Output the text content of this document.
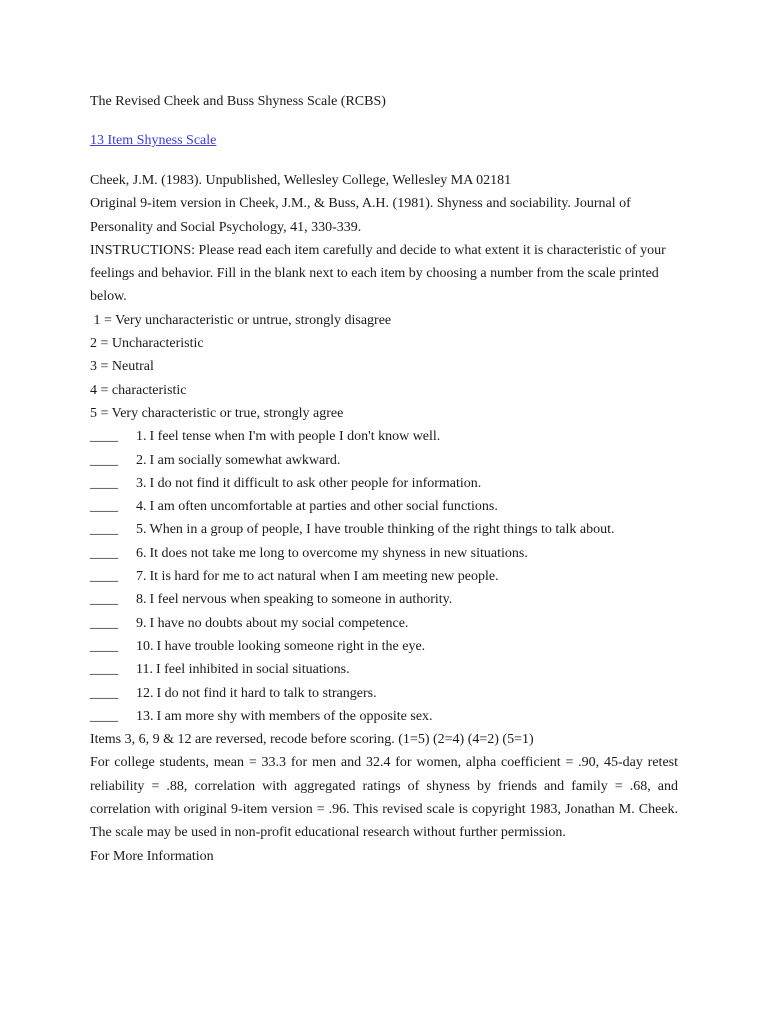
The Revised Cheek and Buss Shyness Scale (RCBS)

13 Item Shyness Scale

Cheek, J.M. (1983). Unpublished, Wellesley College, Wellesley MA 02181

Original 9-item version in Cheek, J.M., & Buss, A.H. (1981). Shyness and sociability. Journal of Personality and Social Psychology, 41, 330-339.

INSTRUCTIONS: Please read each item carefully and decide to what extent it is characteristic of your feelings and behavior. Fill in the blank next to each item by choosing a number from the scale printed below.

1 = Very uncharacteristic or untrue, strongly disagree

2 = Uncharacteristic

3 = Neutral

4 = characteristic

5 = Very characteristic or true, strongly agree

____	1. I feel tense when I'm with people I don't know well.
____	2. I am socially somewhat awkward.
____	3. I do not find it difficult to ask other people for information.
____	4. I am often uncomfortable at parties and other social functions.
____	5. When in a group of people, I have trouble thinking of the right things to talk about.
____	6. It does not take me long to overcome my shyness in new situations.
____	7. It is hard for me to act natural when I am meeting new people.
____	8. I feel nervous when speaking to someone in authority.
____	9. I have no doubts about my social competence.
____	10. I have trouble looking someone right in the eye.
____	11. I feel inhibited in social situations.
____	12. I do not find it hard to talk to strangers.
____	13. I am more shy with members of the opposite sex.

Items 3, 6, 9 & 12 are reversed, recode before scoring. (1=5) (2=4) (4=2) (5=1)

For college students, mean = 33.3 for men and 32.4 for women, alpha coefficient = .90, 45-day retest reliability = .88, correlation with aggregated ratings of shyness by friends and family = .68, and correlation with original 9-item version = .96. This revised scale is copyright 1983, Jonathan M. Cheek. The scale may be used in non-profit educational research without further permission.

For More Information
